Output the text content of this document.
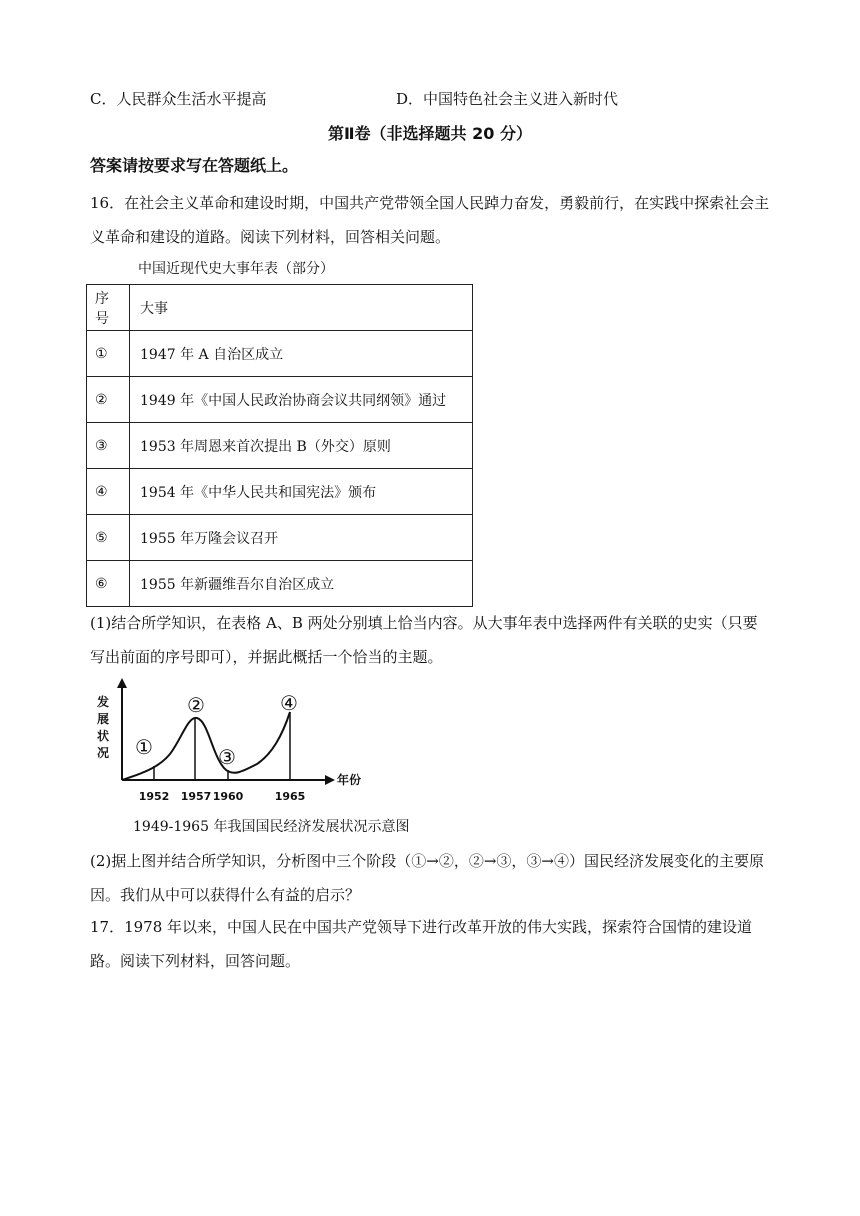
C．人民群众生活水平提高	D．中国特色社会主义进入新时代
第Ⅱ卷（非选择题共 20 分）
答案请按要求写在答题纸上。
16．在社会主义革命和建设时期，中国共产党带领全国人民踔力奋发，勇毅前行，在实践中探索社会主义革命和建设的道路。阅读下列材料，回答相关问题。
中国近现代史大事年表（部分）
序号	大事
①	1947 年 A 自治区成立
②	1949 年《中国人民政治协商会议共同纲领》通过
③	1953 年周恩来首次提出 B（外交）原则
④	1954 年《中华人民共和国宪法》颁布
⑤	1955 年万隆会议召开
⑥	1955 年新疆维吾尔自治区成立
(1)结合所学知识，在表格 A、B 两处分别填上恰当内容。从大事年表中选择两件有关联的史实（只要写出前面的序号即可），并据此概括一个恰当的主题。
发
展
状
况
年份
①
②
③
④
1952 1957 1960	1965
1949-1965 年我国国民经济发展状况示意图
(2)据上图并结合所学知识，分析图中三个阶段（①→②，②→③，③→④）国民经济发展变化的主要原因。我们从中可以获得什么有益的启示？
17．1978 年以来，中国人民在中国共产党领导下进行改革开放的伟大实践，探索符合国情的建设道路。阅读下列材料，回答问题。
